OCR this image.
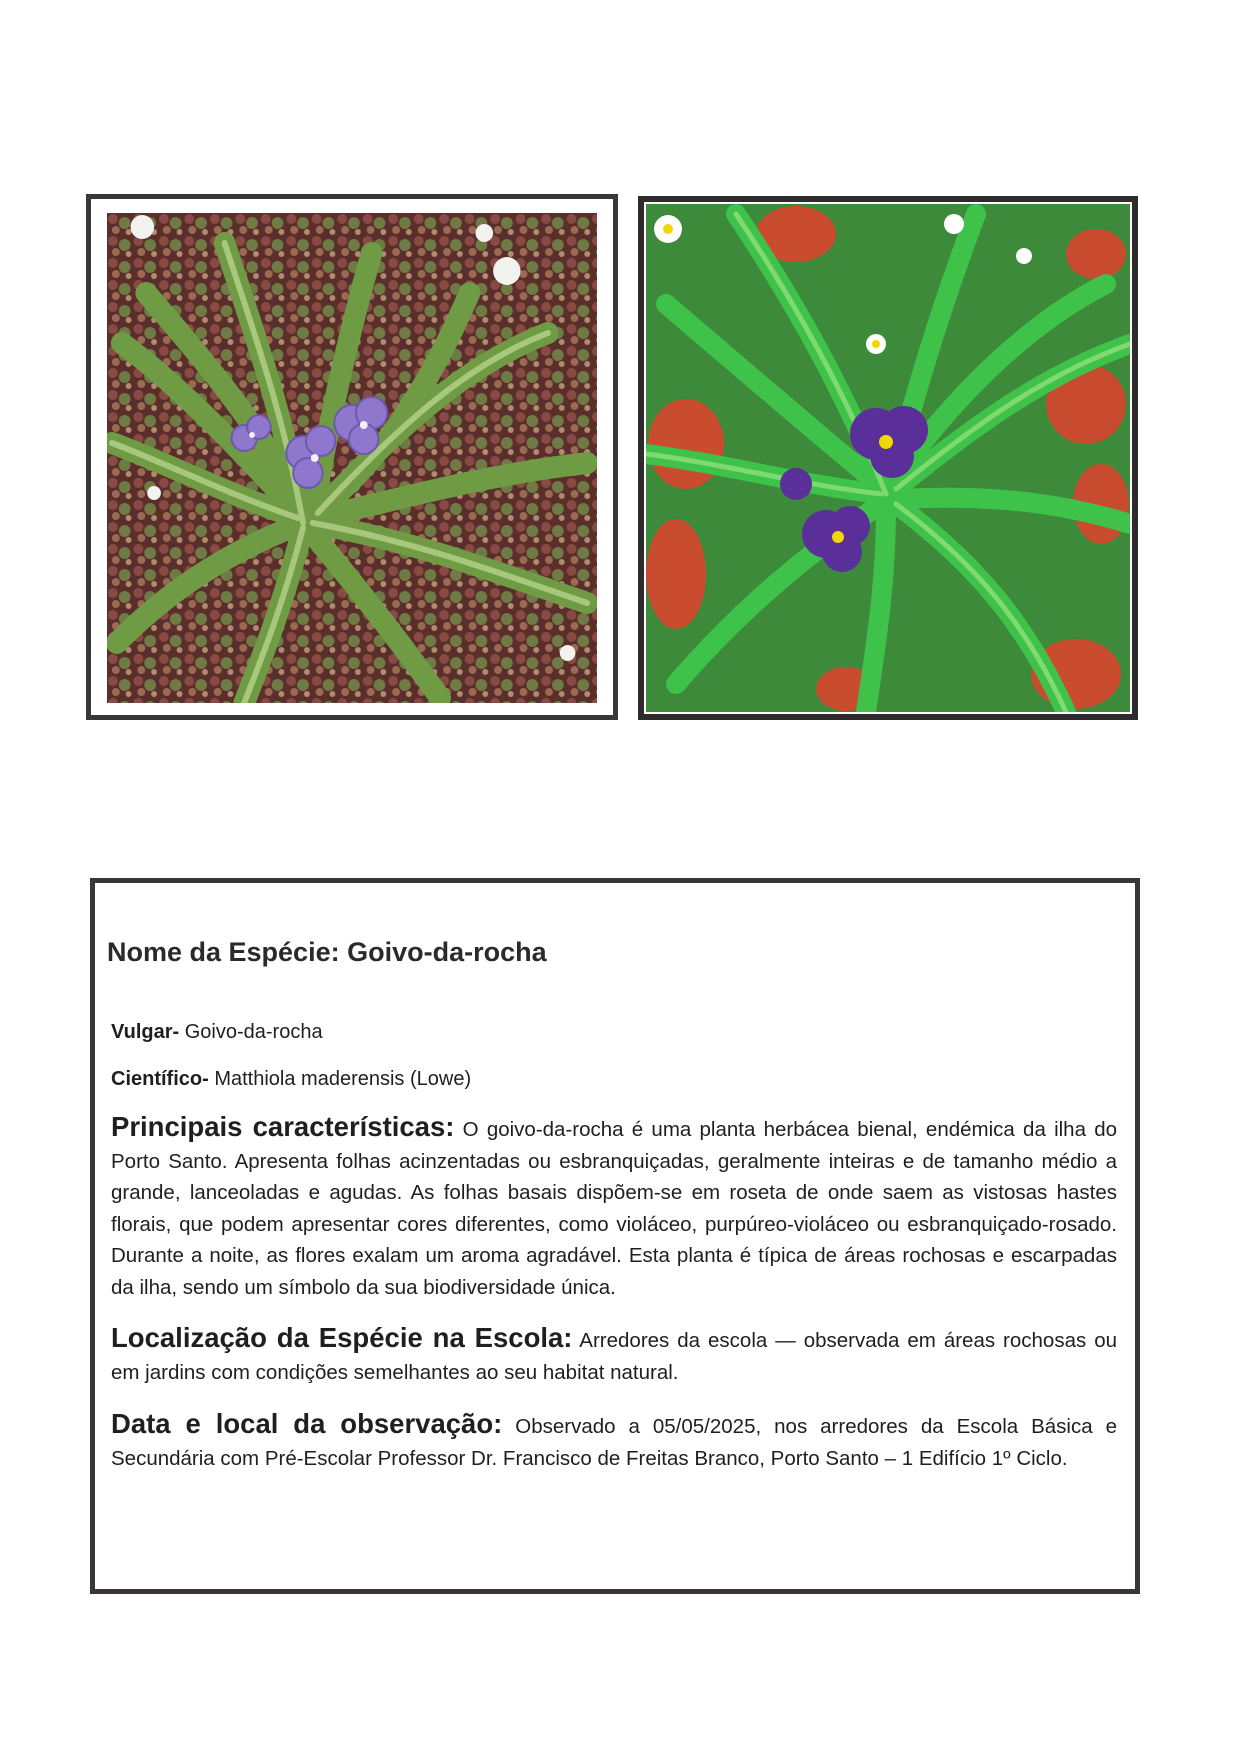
Nome da Espécie: Goivo-da-rocha
Vulgar- Goivo-da-rocha
Científico- Matthiola maderensis (Lowe)
Principais características: O goivo-da-rocha é uma planta herbácea bienal, endémica da ilha do Porto Santo. Apresenta folhas acinzentadas ou esbranquiçadas, geralmente inteiras e de tamanho médio a grande, lanceoladas e agudas. As folhas basais dispõem-se em roseta de onde saem as vistosas hastes florais, que podem apresentar cores diferentes, como violáceo, purpúreo-violáceo ou esbranquiçado-rosado. Durante a noite, as flores exalam um aroma agradável. Esta planta é típica de áreas rochosas e escarpadas da ilha, sendo um símbolo da sua biodiversidade única.
Localização da Espécie na Escola: Arredores da escola — observada em áreas rochosas ou em jardins com condições semelhantes ao seu habitat natural.
Data e local da observação: Observado a 05/05/2025, nos arredores da Escola Básica e Secundária com Pré-Escolar Professor Dr. Francisco de Freitas Branco, Porto Santo – 1 Edifício 1º Ciclo.
